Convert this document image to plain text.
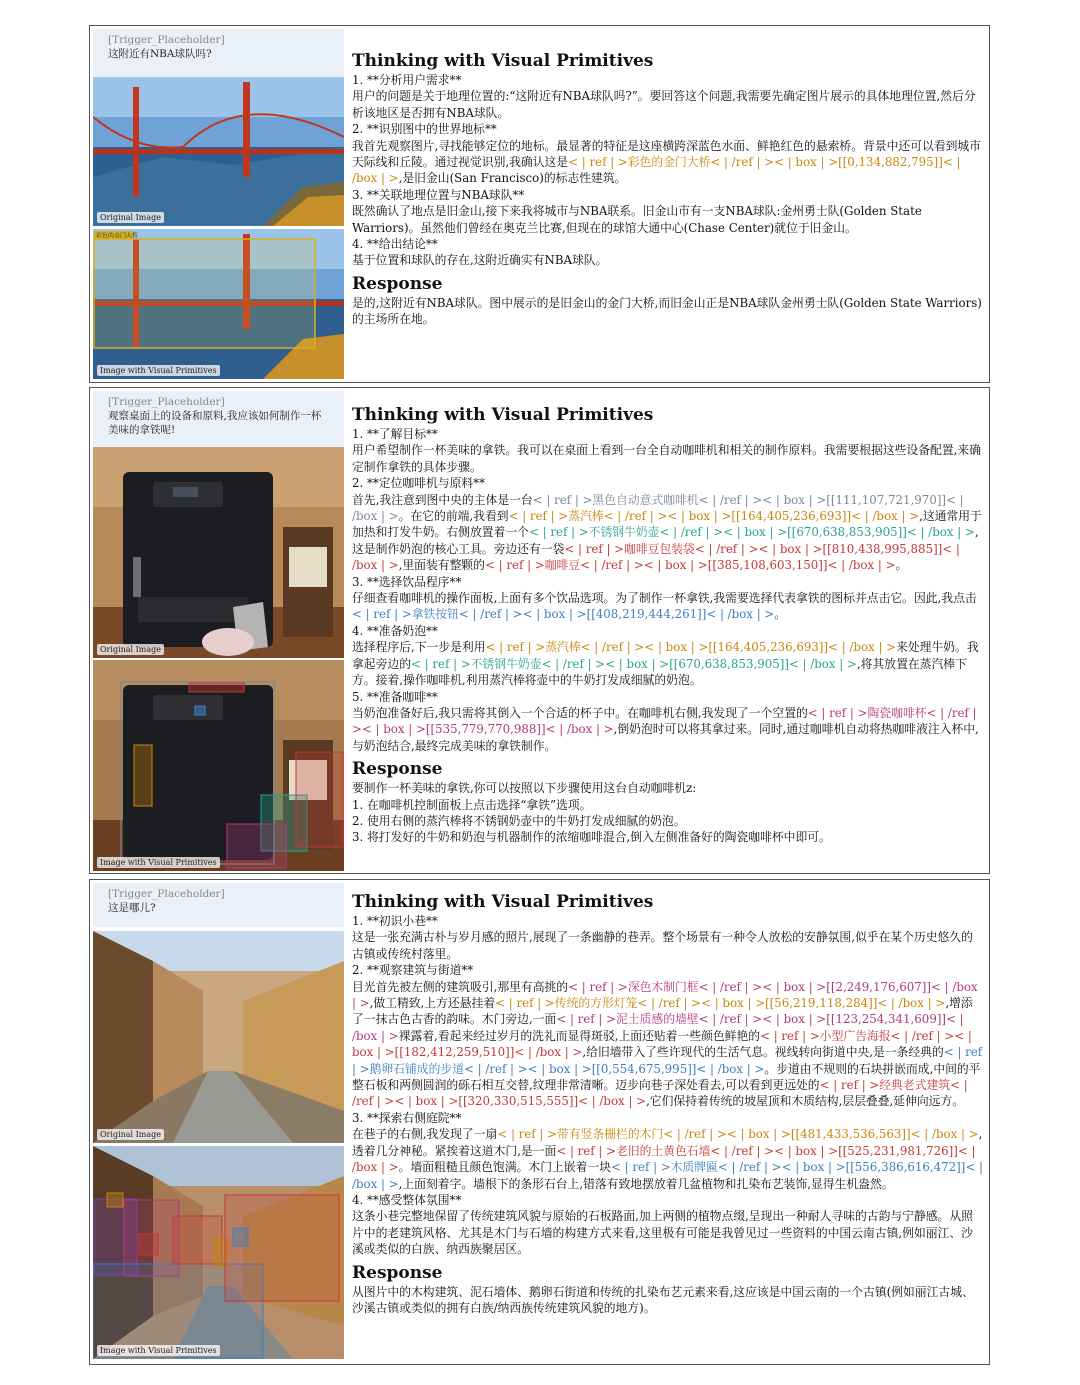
[Trigger_Placeholder]
这附近有NBA球队吗?
Original Image
彩色的金门大桥
Image with Visual Primitives
Thinking with Visual Primitives

1. **分析用户需求**

用户的问题是关于地理位置的:“这附近有NBA球队吗?”。要回答这个问题,我需要先确定图片展示的具体地理位置,然后分析该地区是否拥有NBA球队。

2. **识别图中的世界地标**

我首先观察图片,寻找能够定位的地标。最显著的特征是这座横跨深蓝色水面、鲜艳红色的悬索桥。背景中还可以看到城市天际线和丘陵。通过视觉识别,我确认这是< | ref | >彩色的金门大桥< | /ref | >< | box | >[[0,134,882,795]]< | /box | >,是旧金山(San Francisco)的标志性建筑。

3. **关联地理位置与NBA球队**

既然确认了地点是旧金山,接下来我将城市与NBA联系。旧金山市有一支NBA球队:金州勇士队(Golden State Warriors)。虽然他们曾经在奥克兰比赛,但现在的球馆大通中心(Chase Center)就位于旧金山。

4. **给出结论**

基于位置和球队的存在,这附近确实有NBA球队。

Response

是的,这附近有NBA球队。图中展示的是旧金山的金门大桥,而旧金山正是NBA球队金州勇士队(Golden State Warriors)的主场所在地。

[Trigger_Placeholder]
观察桌面上的设备和原料,我应该如何制作一杯美味的拿铁呢!
Original Image
Image with Visual Primitives
Thinking with Visual Primitives

1. **了解目标**

用户希望制作一杯美味的拿铁。我可以在桌面上看到一台全自动咖啡机和相关的制作原料。我需要根据这些设备配置,来确定制作拿铁的具体步骤。

2. **定位咖啡机与原料**

首先,我注意到图中央的主体是一台< | ref | >黑色自动意式咖啡机< | /ref | >< | box | >[[111,107,721,970]]< | /box | >。在它的前端,我看到< | ref | >蒸汽棒< | /ref | >< | box | >[[164,405,236,693]]< | /box | >,这通常用于加热和打发牛奶。右侧放置着一个< | ref | >不锈钢牛奶壶< | /ref | >< | box | >[[670,638,853,905]]< | /box | >,这是制作奶泡的核心工具。旁边还有一袋< | ref | >咖啡豆包装袋< | /ref | >< | box | >[[810,438,995,885]]< | /box | >,里面装有整颗的< | ref | >咖啡豆< | /ref | >< | box | >[[385,108,603,150]]< | /box | >。

3. **选择饮品程序**

仔细查看咖啡机的操作面板,上面有多个饮品选项。为了制作一杯拿铁,我需要选择代表拿铁的图标并点击它。因此,我点击< | ref | >拿铁按钮< | /ref | >< | box | >[[408,219,444,261]]< | /box | >。

4. **准备奶泡**

选择程序后,下一步是利用< | ref | >蒸汽棒< | /ref | >< | box | >[[164,405,236,693]]< | /box | >来处理牛奶。我拿起旁边的< | ref | >不锈钢牛奶壶< | /ref | >< | box | >[[670,638,853,905]]< | /box | >,将其放置在蒸汽棒下方。接着,操作咖啡机,利用蒸汽棒将壶中的牛奶打发成细腻的奶泡。

5. **准备咖啡**

当奶泡准备好后,我只需将其倒入一个合适的杯子中。在咖啡机右侧,我发现了一个空置的< | ref | >陶瓷咖啡杯< | /ref | >< | box | >[[535,779,770,988]]< | /box | >,倒奶泡时可以将其拿过来。同时,通过咖啡机自动将热咖啡液注入杯中,与奶泡结合,最终完成美味的拿铁制作。

Response

要制作一杯美味的拿铁,你可以按照以下步骤使用这台自动咖啡机z:

1. 在咖啡机控制面板上点击选择“拿铁”选项。

2. 使用右侧的蒸汽棒将不锈钢奶壶中的牛奶打发成细腻的奶泡。

3. 将打发好的牛奶和奶泡与机器制作的浓缩咖啡混合,倒入左侧准备好的陶瓷咖啡杯中即可。

[Trigger_Placeholder]
这是哪儿?
Original Image
Image with Visual Primitives
Thinking with Visual Primitives

1. **初识小巷**

这是一张充满古朴与岁月感的照片,展现了一条幽静的巷弄。整个场景有一种令人放松的安静氛围,似乎在某个历史悠久的古镇或传统村落里。

2. **观察建筑与街道**

目光首先被左侧的建筑吸引,那里有高挑的< | ref | >深色木制门框< | /ref | >< | box | >[[2,249,176,607]]< | /box | >,做工精致,上方还悬挂着< | ref | >传统的方形灯笼< | /ref | >< | box | >[[56,219,118,284]]< | /box | >,增添了一抹古色古香的韵味。木门旁边,一面< | ref | >泥土质感的墙壁< | /ref | >< | box | >[[123,254,341,609]]< | /box | >裸露着,看起来经过岁月的洗礼而显得斑驳,上面还贴着一些颜色鲜艳的< | ref | >小型广告海报< | /ref | >< | box | >[[182,412,259,510]]< | /box | >,给旧墙带入了些许现代的生活气息。视线转向街道中央,是一条经典的< | ref | >鹅卵石铺成的步道< | /ref | >< | box | >[[0,554,675,995]]< | /box | >。步道由不规则的石块拼嵌而成,中间的平整石板和两侧圆润的砾石相互交替,纹理非常清晰。迈步向巷子深处看去,可以看到更远处的< | ref | >经典老式建筑< | /ref | >< | box | >[[320,330,515,555]]< | /box | >,它们保持着传统的坡屋顶和木质结构,层层叠叠,延伸向远方。

3. **探索右侧庭院**

在巷子的右侧,我发现了一扇< | ref | >带有竖条栅栏的木门< | /ref | >< | box | >[[481,433,536,563]]< | /box | >,透着几分神秘。紧挨着这道木门,是一面< | ref | >老旧的土黄色石墙< | /ref | >< | box | >[[525,231,981,726]]< | /box | >。墙面粗糙且颜色饱满。木门上嵌着一块< | ref | >木质牌匾< | /ref | >< | box | >[[556,386,616,472]]< | /box | >,上面刻着字。墙根下的条形石台上,错落有致地摆放着几盆植物和扎染布艺装饰,显得生机盎然。

4. **感受整体氛围**

这条小巷完整地保留了传统建筑风貌与原始的石板路面,加上两侧的植物点缀,呈现出一种耐人寻味的古韵与宁静感。从照片中的老建筑风格、尤其是木门与石墙的构建方式来看,这里极有可能是我曾见过一些资料的中国云南古镇,例如丽江、沙溪或类似的白族、纳西族聚居区。

Response

从图片中的木构建筑、泥石墙体、鹅卵石街道和传统的扎染布艺元素来看,这应该是中国云南的一个古镇(例如丽江古城、沙溪古镇或类似的拥有白族/纳西族传统建筑风貌的地方)。
